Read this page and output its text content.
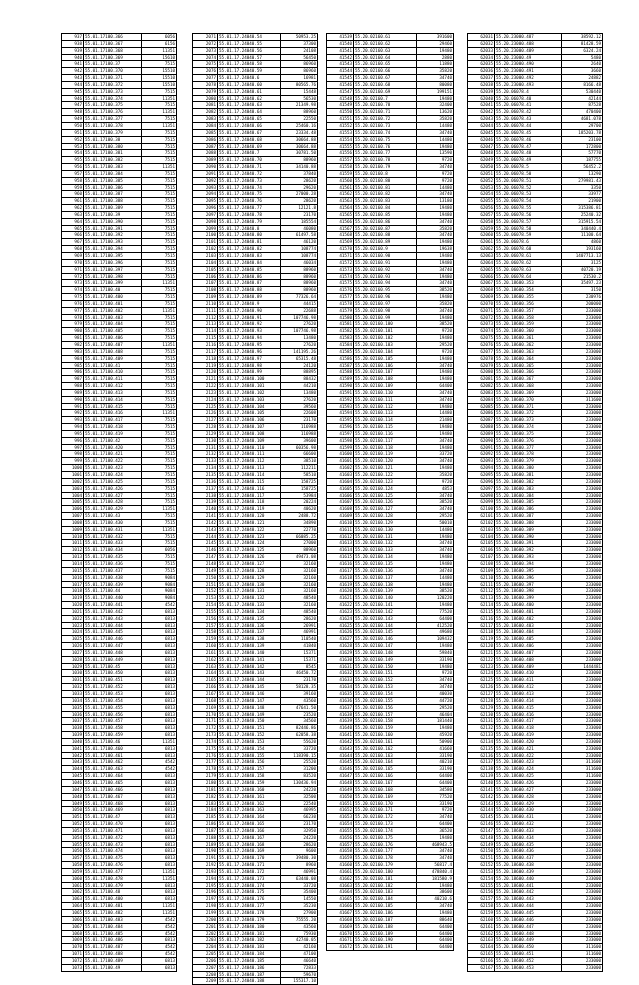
937	55.01.17100.366	6056
938	55.01.17100.367	6156
939	55.01.17100.368	11351
940	55.01.17100.369	15610
941	55.01.17100.37	7515
942	55.01.17100.370	15510
943	55.01.17100.371	15510
944	55.01.17100.372	15510
945	55.01.17100.373	7515
946	55.01.17100.374	11351
947	55.01.17100.375	7515
948	55.01.17100.376	11351
949	55.01.17100.377	7515
950	55.01.17100.378	11351
951	55.01.17100.379	7515
952	55.01.17100.38	7515
953	55.01.17100.380	7515
954	55.01.17100.381	7515
955	55.01.17100.382	7515
956	55.01.17100.383	11351
957	55.01.17100.384	7515
958	55.01.17100.385	7515
959	55.01.17100.386	7515
960	55.01.17100.387	7515
961	55.01.17100.388	7515
962	55.01.17100.389	7515
963	55.01.17100.39	7515
964	55.01.17100.390	7515
965	55.01.17100.391	7515
966	55.01.17100.392	7515
967	55.01.17100.393	7515
968	55.01.17100.394	7515
969	55.01.17100.395	7515
970	55.01.17100.396	7515
971	55.01.17100.397	7515
972	55.01.17100.398	7515
973	55.01.17100.399	11351
974	55.01.17100.40	7515
975	55.01.17100.400	7515
976	55.01.17100.401	7515
977	55.01.17100.402	11351
978	55.01.17100.403	7515
979	55.01.17100.404	7515
980	55.01.17100.405	7515
981	55.01.17100.406	7515
982	55.01.17100.407	11351
983	55.01.17100.408	7515
984	55.01.17100.409	7515
985	55.01.17100.41	7515
986	55.01.17100.410	7515
987	55.01.17100.411	7515
988	55.01.17100.412	7515
989	55.01.17100.413	7515
990	55.01.17100.414	7515
991	55.01.17100.415	7515
992	55.01.17100.416	11351
993	55.01.17100.417	7515
994	55.01.17100.418	7515
995	55.01.17100.419	7515
996	55.01.17100.42	7515
997	55.01.17100.420	7515
998	55.01.17100.421	7515
999	55.01.17100.422	7515
1000	55.01.17100.423	7515
1001	55.01.17100.424	7515
1002	55.01.17100.425	7515
1003	55.01.17100.426	7515
1004	55.01.17100.427	7515
1005	55.01.17100.428	7515
1006	55.01.17100.429	11351
1007	55.01.17100.43	7515
1008	55.01.17100.430	7515
1009	55.01.17100.431	11351
1010	55.01.17100.432	7515
1011	55.01.17100.433	7515
1012	55.01.17100.434	6056
1013	55.01.17100.435	7515
1014	55.01.17100.436	7515
1015	55.01.17100.437	7515
1016	55.01.17100.438	9084
1017	55.01.17100.439	9084
1018	55.01.17100.44	9084
1019	55.01.17100.440	9084
1020	55.01.17100.441	4542
1021	55.01.17100.442	6813
1022	55.01.17100.443	6813
1023	55.01.17100.444	6813
1024	55.01.17100.445	6813
1025	55.01.17100.446	6813
1026	55.01.17100.447	6813
1027	55.01.17100.448	6813
1028	55.01.17100.449	6813
1029	55.01.17100.45	6813
1030	55.01.17100.450	6813
1031	55.01.17100.451	6813
1032	55.01.17100.452	6813
1033	55.01.17100.453	6813
1034	55.01.17100.454	6813
1035	55.01.17100.455	6813
1036	55.01.17100.456	6813
1037	55.01.17100.457	6813
1038	55.01.17100.458	6813
1039	55.01.17100.459	6813
1040	55.01.17100.46	11351
1041	55.01.17100.460	6813
1042	55.01.17100.461	6813
1043	55.01.17100.462	4542
1044	55.01.17100.463	4542
1045	55.01.17100.464	6813
1046	55.01.17100.465	6813
1047	55.01.17100.466	6813
1048	55.01.17100.467	6813
1049	55.01.17100.468	6813
1050	55.01.17100.469	6813
1051	55.01.17100.47	6813
1052	55.01.17100.470	6813
1053	55.01.17100.471	6813
1054	55.01.17100.472	6813
1055	55.01.17100.473	6813
1056	55.01.17100.474	6813
1057	55.01.17100.475	6813
1058	55.01.17100.476	6813
1059	55.01.17100.477	11351
1060	55.01.17100.478	11351
1061	55.01.17100.479	6813
1062	55.01.17100.48	6813
1063	55.01.17100.480	6813
1064	55.01.17100.481	11351
1065	55.01.17100.482	11351
1066	55.01.17100.483	4542
1067	55.01.17100.484	4542
1068	55.01.17100.485	4542
1069	55.01.17100.486	6813
1070	55.01.17100.487	4542
1071	55.01.17100.488	4542
1072	55.01.17100.489	6813
1073	55.01.17100.49	6813
2071	55.01.17.24040.54	50953.25
2072	55.01.17.24040.55	37300
2073	55.01.17.24040.56	24108
2074	55.01.17.24040.57	56450
2075	55.01.17.24040.58	86960
2076	55.01.17.24040.59	86960
2077	55.01.17.24040.6	16981
2078	55.01.17.24040.60	80565.76
2079	55.01.17.24040.61	15448
2080	55.01.17.24040.62	56530
2081	55.01.17.24040.63	21349.98
2082	55.01.17.24040.64	88960
2083	55.01.17.24040.65	22550
2084	55.01.17.24040.66	25460.16
2085	55.01.17.24040.67	23334.48
2086	55.01.17.24040.68	30664.88
2087	55.01.17.24040.69	30664.88
2088	55.01.17.24040.7	30781.50
2089	55.01.17.24040.70	88960
2090	55.01.17.24040.71	34140.88
2091	55.01.17.24040.72	37840
2092	55.01.17.24040.73	28620
2093	55.01.17.24040.74	29620
2094	55.01.17.24040.75	27000.28
2095	55.01.17.24040.76	28620
2096	55.01.17.24040.77	12121.8
2097	55.01.17.24040.78	23170
2098	55.01.17.24040.79	185554
2099	55.01.17.24040.8	46080
2100	55.01.17.24040.80	61497.58
2101	55.01.17.24040.81	46120
2102	55.01.17.24040.82	108774
2103	55.01.17.24040.83	108774
2104	55.01.17.24040.84	46034
2105	55.01.17.24040.85	88960
2106	55.01.17.24040.86	88960
2107	55.01.17.24040.87	88960
2108	55.01.17.24040.88	88960
2109	55.01.17.24040.89	77326.64
2110	55.01.17.24040.9	44415
2111	55.01.17.24040.90	22688
2112	55.01.17.24040.91	107746.98
2113	55.01.17.24040.92	27620
2114	55.01.17.24040.93	107746.98
2115	55.01.17.24040.94	13480
2116	55.01.17.24040.95	27620
2117	55.01.17.24040.96	141195.26
2118	55.01.17.24040.97	65315.48
2119	55.01.17.24040.98	24120
2120	55.01.17.24040.99	88895
2121	55.01.17.24040.100	88432
2122	55.01.17.24040.101	44210
2123	55.01.17.24040.102	13480
2124	55.01.17.24040.103	27620
2125	55.01.17.24040.104	39560
2126	55.01.17.24040.105	22608
2127	55.01.17.24040.106	23170
2128	55.01.17.24040.107	116988
2129	55.01.17.24040.108	116988
2130	55.01.17.24040.109	39600
2131	55.01.17.24040.110	60356.98
2132	55.01.17.24040.111	66600
2133	55.01.17.24040.112	38510
2134	55.01.17.24040.113	112211
2135	55.01.17.24040.114	58510
2136	55.01.17.24040.115	158725
2137	55.01.17.24040.116	158725
2138	55.01.17.24040.117	53984
2139	55.01.17.24040.118	20224
2140	55.01.17.24040.119	40620
2141	55.01.17.24040.120	2488.72
2142	55.01.17.24040.121	34890
2143	55.01.17.24040.122	22770
2144	55.01.17.24040.123	66085.25
2145	55.01.17.24040.124	27000
2146	55.01.17.24040.125	88960
2147	55.01.17.24040.126	49473.08
2148	55.01.17.24040.127	32160
2149	55.01.17.24040.128	32160
2150	55.01.17.24040.129	32160
2151	55.01.17.24040.130	32160
2152	55.01.17.24040.131	32160
2153	55.01.17.24040.132	48540
2154	55.01.17.24040.133	32160
2155	55.01.17.24040.134	48540
2156	55.01.17.24040.135	28620
2157	55.01.17.24040.136	26991
2158	55.01.17.24040.137	46991
2159	55.01.17.24040.138	110540
2160	55.01.17.24040.139	41840
2161	55.01.17.24040.140	15371
2162	55.01.17.24040.141	15371
2163	55.01.17.24040.142	8545
2164	55.01.17.24040.143	46450.72
2165	55.01.17.24040.144	23170
2166	55.01.17.24040.145	58128.35
2167	55.01.17.24040.146	39160
2168	55.01.17.24040.147	43560
2169	55.01.17.24040.148	47641.50
2170	55.01.17.24040.149	23520
2171	55.01.17.24040.150	34560
2172	55.01.17.24040.151	82446.86
2173	55.01.17.24040.152	62058.38
2174	55.01.17.24040.153	55620
2175	55.01.17.24040.154	33720
2176	55.01.17.24040.155	118390.15
2177	55.01.17.24040.156	25520
2178	55.01.17.24040.157	31200
2179	55.01.17.24040.158	83520
2180	55.01.17.24040.159	130436.94
2181	55.01.17.24040.160	24220
2182	55.01.17.24040.161	32500
2183	55.01.17.24040.162	22540
2184	55.01.17.24040.163	46995
2185	55.01.17.24040.164	66230
2186	55.01.17.24040.165	23170
2187	55.01.17.24040.166	32950
2188	55.01.17.24040.167	24220
2189	55.01.17.24040.168	28620
2190	55.01.17.24040.169	9600
2191	55.01.17.24040.170	39480.30
2192	55.01.17.24040.171	8960
2193	55.01.17.24040.172	46991
2194	55.01.17.24040.173	63440.08
2195	55.01.17.24040.174	33720
2196	55.01.17.24040.175	35400
2197	55.01.17.24040.176	14550
2198	55.01.17.24040.177	35230
2199	55.01.17.24040.178	27900
2200	55.01.17.24040.179	75555.20
2201	55.01.17.24040.180	43560
2202	55.01.17.24040.181	75930
2203	55.01.17.24040.182	42740.05
2204	55.01.17.24040.183	42160
2205	55.01.17.24040.184	47100
2206	55.01.17.24040.185	46640
2207	55.01.17.24040.186	72833
2208	55.01.17.24040.187	59670
2209	55.01.17.24040.188	155317.10
41539	55.20.02160.61	391600
41540	55.20.02160.62	29460
41541	55.20.02160.63	19480
41542	55.20.02160.64	2880
41543	55.20.02160.65	11880
41544	55.20.02160.66	35820
41545	55.20.02160.67	34740
41546	55.20.02160.68	80080
41547	55.20.02160.69	199151
41548	55.20.02160.7	19480
41549	55.20.02160.70	32400
41550	55.20.02160.71	13620
41551	55.20.02160.72	35820
41552	55.20.02160.73	14480
41553	55.20.02160.74	34740
41554	55.20.02160.75	14480
41555	55.20.02160.76	19480
41556	55.20.02160.77	13590
41557	55.20.02160.78	9720
41558	55.20.02160.79	34740
41559	55.20.02160.8	9720
41560	55.20.02160.80	9720
41561	55.20.02160.81	14480
41562	55.20.02160.82	34740
41563	55.20.02160.83	13180
41564	55.20.02160.84	19480
41565	55.20.02160.85	19480
41566	55.20.02160.86	34740
41567	55.20.02160.87	35820
41568	55.20.02160.88	34740
41569	55.20.02160.89	19480
41570	55.20.02160.9	19638
41571	55.20.02160.90	19480
41572	55.20.02160.91	19480
41573	55.20.02160.92	34740
41574	55.20.02160.93	19480
41575	55.20.02160.94	34740
41576	55.20.02160.95	38520
41577	55.20.02160.96	19480
41578	55.20.02160.97	35820
41579	55.20.02160.98	34740
41580	55.20.02160.99	19480
41581	55.20.02160.100	38520
41582	55.20.02160.101	9720
41583	55.20.02160.102	19480
41584	55.20.02160.103	29520
41585	55.20.02160.104	9720
41586	55.20.02160.105	19480
41587	55.20.02160.106	34740
41588	55.20.02160.107	19480
41589	55.20.02160.108	19480
41590	55.20.02160.109	64400
41591	55.20.02160.110	34740
41592	55.20.02160.111	34740
41593	55.20.02160.112	19480
41594	55.20.02160.113	14480
41595	55.20.02160.114	21480
41596	55.20.02160.115	19480
41597	55.20.02160.116	19480
41598	55.20.02160.117	34740
41599	55.20.02160.118	19480
41600	55.20.02160.119	33720
41601	55.20.02160.120	34740
41602	55.20.02160.121	19480
41603	55.20.02160.122	35820
41604	55.20.02160.123	9720
41605	55.20.02160.124	4853
41606	55.20.02160.125	34740
41607	55.20.02160.126	38520
41608	55.20.02160.127	34740
41609	55.20.02160.128	29520
41610	55.20.02160.129	50010
41611	55.20.02160.130	14480
41612	55.20.02160.131	19480
41613	55.20.02160.132	34740
41614	55.20.02160.133	34740
41615	55.20.02160.134	19480
41616	55.20.02160.135	19480
41617	55.20.02160.136	34740
41618	55.20.02160.137	14480
41619	55.20.02160.138	19480
41620	55.20.02160.139	38520
41621	55.20.02160.140	120220
41622	55.20.02160.141	19480
41623	55.20.02160.142	77520
41624	55.20.02160.143	64400
41625	55.20.02160.144	412520
41626	55.20.02160.145	49680
41627	55.20.02160.146	109432
41628	55.20.02160.147	19480
41629	55.20.02160.148	59840
41630	55.20.02160.149	33190
41631	55.20.02160.150	19480
41632	55.20.02160.151	9720
41633	55.20.02160.152	34740
41634	55.20.02160.153	34740
41635	55.20.02160.154	40030
41636	55.20.02160.155	44720
41637	55.20.02160.156	29520
41638	55.20.02160.157	46404
41639	55.20.02160.158	181440
41640	55.20.02160.159	19480
41641	55.20.02160.160	45920
41642	55.20.02160.161	50900
41643	55.20.02160.162	41660
41644	55.20.02160.163	33190
41645	55.20.02160.164	40210
41646	55.20.02160.165	33190
41647	55.20.02160.166	64400
41648	55.20.02160.167	64400
41649	55.20.02160.168	34580
41650	55.20.02160.169	77520
41651	55.20.02160.170	33190
41652	55.20.02160.171	9720
41653	55.20.02160.172	34740
41654	55.20.02160.173	64400
41655	55.20.02160.174	36520
41656	55.20.02160.175	19480
41657	55.20.02160.176	468943.5
41658	55.20.02160.177	34740
41659	55.20.02160.178	34740
41660	55.20.02160.179	56817.4
41661	55.20.02160.180	478840.4
41662	55.20.02160.181	181580.9
41663	55.20.02160.182	19480
41664	55.20.02160.183	38600
41665	55.20.02160.184	40210.6
41666	55.20.02160.185	34740
41667	55.20.02160.186	19480
41668	55.20.02160.187	88640
41669	55.20.02160.188	64400
41670	55.20.02160.189	64400
41671	55.20.02160.190	64400
41672	55.20.02160.191	64400
62031	55.20.23000.487	38592.12
62032	55.20.23000.488	81428.59
62033	55.20.23000.489	6324.24
62034	55.20.23000.49	5480
62035	55.20.23000.490	2640
62036	55.20.23000.491	3660
62037	55.20.23000.492	24882
62038	55.20.23000.493	8166.48
62039	55.20.06078.4	530440
62040	55.20.06078.40	42144
62041	55.20.06078.41	87528
62042	55.20.06078.42	470400
62043	55.20.06078.43	4681.078
62044	55.20.06078.44	29700
62045	55.20.06078.45	185203.78
62046	55.20.06078.46	23100
62047	55.20.06078.47	172800
62048	55.20.06078.48	57770
62049	55.20.06078.49	187755
62050	55.20.06078.5	56452.2
62051	55.20.06078.50	13290
62052	55.20.06078.51	279981.43
62053	55.20.06078.52	3350
62054	55.20.06078.53	33977
62055	55.20.06078.54	21900
62056	55.20.06078.55	315386.81
62057	55.20.06078.56	25240.32
62058	55.20.06078.57	315915.54
62059	55.20.06078.58	340440.4
62060	55.20.06078.59	11100.64
62061	55.20.06078.6	4860
62062	55.20.06078.60	193160
62063	55.20.06078.61	1407713.13
62064	55.20.06078.62	3125
62065	55.20.06078.63	40720.19
62066	55.20.06078.64	21530.2
62067	55.20.18600.353	35497.23
62068	55.20.18600.354	3150
62069	55.20.18600.355	230976
62070	55.20.18600.356	200000
62071	55.20.18600.357	233000
62072	55.20.18600.358	233000
62073	55.20.18600.359	233000
62074	55.20.18600.360	233000
62075	55.20.18600.361	233000
62076	55.20.18600.362	233000
62077	55.20.18600.363	233000
62078	55.20.18600.364	233000
62079	55.20.18600.365	233000
62080	55.20.18600.366	233000
62081	55.20.18600.367	233000
62082	55.20.18600.368	233000
62083	55.20.18600.369	233000
62084	55.20.18600.370	311600
62085	55.20.18600.371	233000
62086	55.20.18600.372	233000
62087	55.20.18600.373	233000
62088	55.20.18600.374	233000
62089	55.20.18600.375	233000
62090	55.20.18600.376	233000
62091	55.20.18600.377	233000
62092	55.20.18600.378	233000
62093	55.20.18600.379	233000
62094	55.20.18600.380	233000
62095	55.20.18600.381	233000
62096	55.20.18600.382	233000
62097	55.20.18600.383	233000
62098	55.20.18600.384	233000
62099	55.20.18600.385	233000
62100	55.20.18600.386	233000
62101	55.20.18600.387	233000
62102	55.20.18600.388	233000
62103	55.20.18600.389	233000
62104	55.20.18600.390	233000
62105	55.20.18600.391	233000
62106	55.20.18600.392	233000
62107	55.20.18600.393	233000
62108	55.20.18600.394	233000
62109	55.20.18600.395	233000
62110	55.20.18600.396	233000
62111	55.20.18600.397	233000
62112	55.20.18600.398	233000
62113	55.20.18600.399	233000
62114	55.20.18600.400	233000
62115	55.20.18600.401	233000
62116	55.20.18600.402	233000
62117	55.20.18600.403	233000
62118	55.20.18600.404	233000
62119	55.20.18600.405	233000
62120	55.20.18600.406	233000
62121	55.20.18600.407	233000
62122	55.20.18600.408	233000
62123	55.20.18600.409	1444481
62124	55.20.18600.410	233000
62125	55.20.18600.411	233000
62126	55.20.18600.412	233000
62127	55.20.18600.413	233000
62128	55.20.18600.414	233000
62129	55.20.18600.415	233000
62130	55.20.18600.416	233000
62131	55.20.18600.417	233000
62132	55.20.18600.418	233000
62133	55.20.18600.419	233000
62134	55.20.18600.420	233000
62135	55.20.18600.421	233000
62136	55.20.18600.422	233000
62137	55.20.18600.423	311600
62138	55.20.18600.424	311600
62139	55.20.18600.425	311600
62140	55.20.18600.426	233000
62141	55.20.18600.427	233000
62142	55.20.18600.428	233000
62143	55.20.18600.429	233000
62144	55.20.18600.430	233000
62145	55.20.18600.431	233000
62146	55.20.18600.432	233000
62147	55.20.18600.433	233000
62148	55.20.18600.434	233000
62149	55.20.18600.435	233000
62150	55.20.18600.436	233000
62151	55.20.18600.437	233000
62152	55.20.18600.438	233000
62153	55.20.18600.439	233000
62154	55.20.18600.440	233000
62155	55.20.18600.441	233000
62156	55.20.18600.442	233000
62157	55.20.18600.443	233000
62158	55.20.18600.444	233000
62159	55.20.18600.445	233000
62160	55.20.18600.446	233000
62161	55.20.18600.447	233000
62162	55.20.18600.448	233000
62163	55.20.18600.449	233000
62164	55.20.18600.450	311600
62165	55.20.18600.451	311600
62166	55.20.18600.452	233000
62167	55.20.18600.453	233000
